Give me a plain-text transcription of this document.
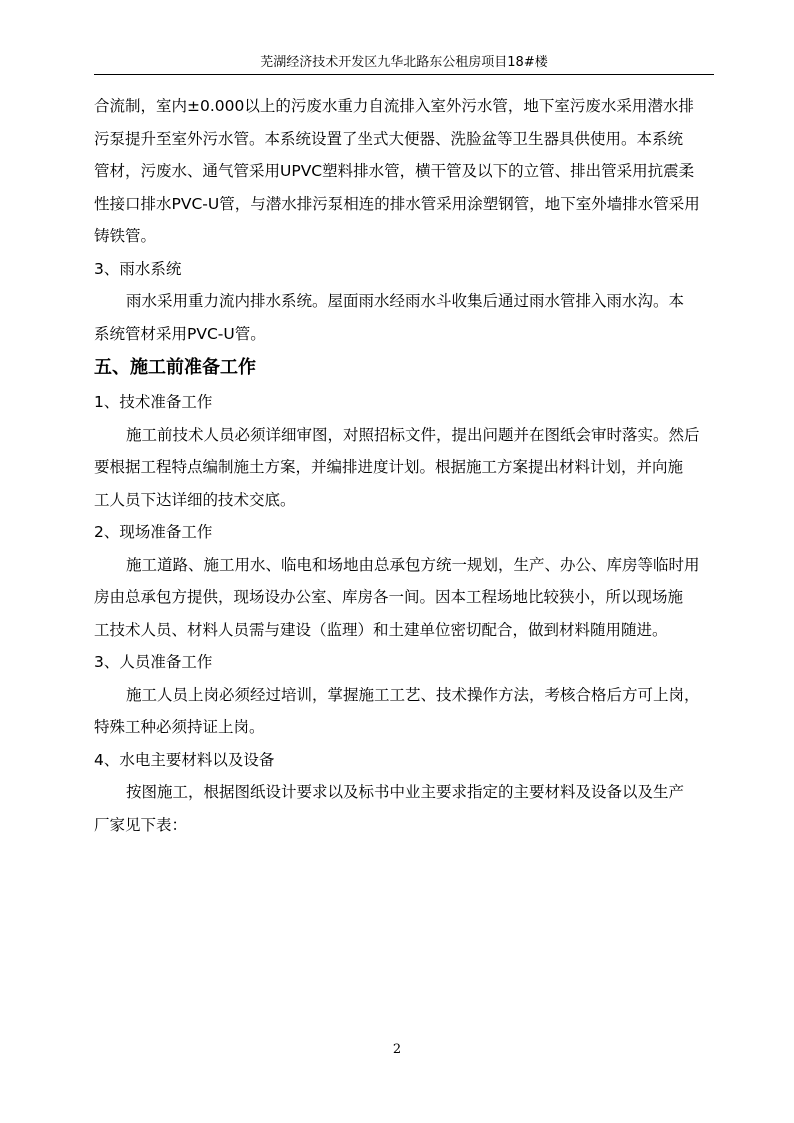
芜湖经济技术开发区九华北路东公租房项目18#楼
合流制，室内±0.000以上的污废水重力自流排入室外污水管，地下室污废水采用潜水排
污泵提升至室外污水管。本系统设置了坐式大便器、洗脸盆等卫生器具供使用。本系统
管材，污废水、通气管采用UPVC塑料排水管，横干管及以下的立管、排出管采用抗震柔
性接口排水PVC-U管，与潜水排污泵相连的排水管采用涂塑钢管，地下室外墙排水管采用
铸铁管。
3、雨水系统
雨水采用重力流内排水系统。屋面雨水经雨水斗收集后通过雨水管排入雨水沟。本
系统管材采用PVC-U管。
五、施工前准备工作
1、技术准备工作
施工前技术人员必须详细审图，对照招标文件，提出问题并在图纸会审时落实。然后
要根据工程特点编制施土方案，并编排进度计划。根据施工方案提出材料计划，并向施
工人员下达详细的技术交底。
2、现场准备工作
施工道路、施工用水、临电和场地由总承包方统一规划，生产、办公、库房等临时用
房由总承包方提供，现场设办公室、库房各一间。因本工程场地比较狭小，所以现场施
工技术人员、材料人员需与建设（监理）和土建单位密切配合，做到材料随用随进。
3、人员准备工作
施工人员上岗必须经过培训，掌握施工工艺、技术操作方法，考核合格后方可上岗，
特殊工种必须持证上岗。
4、水电主要材料以及设备
按图施工，根据图纸设计要求以及标书中业主要求指定的主要材料及设备以及生产
厂家见下表：
2
